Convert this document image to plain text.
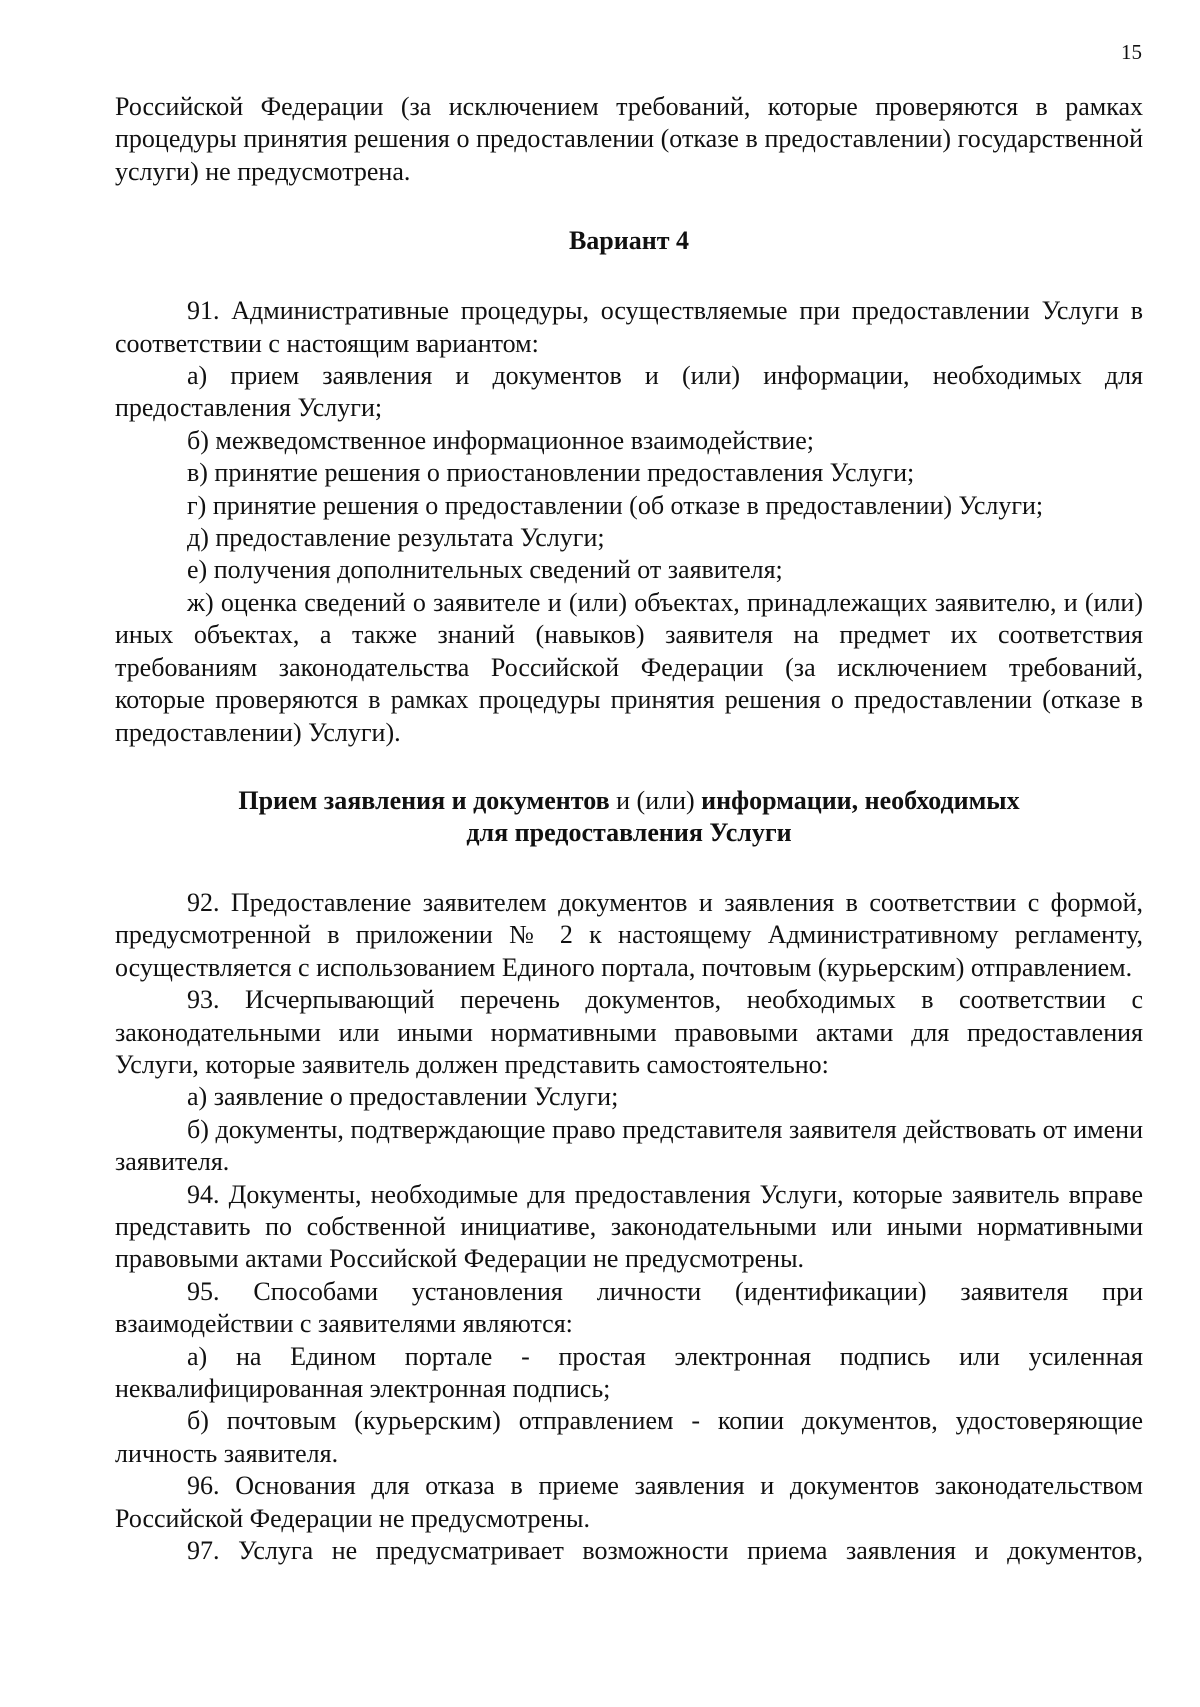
15

Российской Федерации (за исключением требований, которые проверяются в рамках процедуры принятия решения о предоставлении (отказе в предоставлении) государственной услуги) не предусмотрена.

Вариант 4

91. Административные процедуры, осуществляемые при предоставлении Услуги в соответствии с настоящим вариантом:

а) прием заявления и документов и (или) информации, необходимых для предоставления Услуги;

б) межведомственное информационное взаимодействие;

в) принятие решения о приостановлении предоставления Услуги;

г) принятие решения о предоставлении (об отказе в предоставлении) Услуги;

д) предоставление результата Услуги;

е) получения дополнительных сведений от заявителя;

ж) оценка сведений о заявителе и (или) объектах, принадлежащих заявителю, и (или) иных объектах, а также знаний (навыков) заявителя на предмет их соответствия требованиям законодательства Российской Федерации (за исключением требований, которые проверяются в рамках процедуры принятия решения о предоставлении (отказе в предоставлении) Услуги).

Прием заявления и документов и (или) информации, необходимых
для предоставления Услуги

92. Предоставление заявителем документов и заявления в соответствии с формой, предусмотренной в приложении № 2 к настоящему Административному регламенту, осуществляется с использованием Единого портала, почтовым (курьерским) отправлением.

93. Исчерпывающий перечень документов, необходимых в соответствии с законодательными или иными нормативными правовыми актами для предоставления Услуги, которые заявитель должен представить самостоятельно:

а) заявление о предоставлении Услуги;

б) документы, подтверждающие право представителя заявителя действовать от имени заявителя.

94. Документы, необходимые для предоставления Услуги, которые заявитель вправе представить по собственной инициативе, законодательными или иными нормативными правовыми актами Российской Федерации не предусмотрены.

95. Способами установления личности (идентификации) заявителя при взаимодействии с заявителями являются:

а) на Едином портале - простая электронная подпись или усиленная неквалифицированная электронная подпись;

б) почтовым (курьерским) отправлением - копии документов, удостоверяющие личность заявителя.

96. Основания для отказа в приеме заявления и документов законодательством Российской Федерации не предусмотрены.

97. Услуга не предусматривает возможности приема заявления и документов,
